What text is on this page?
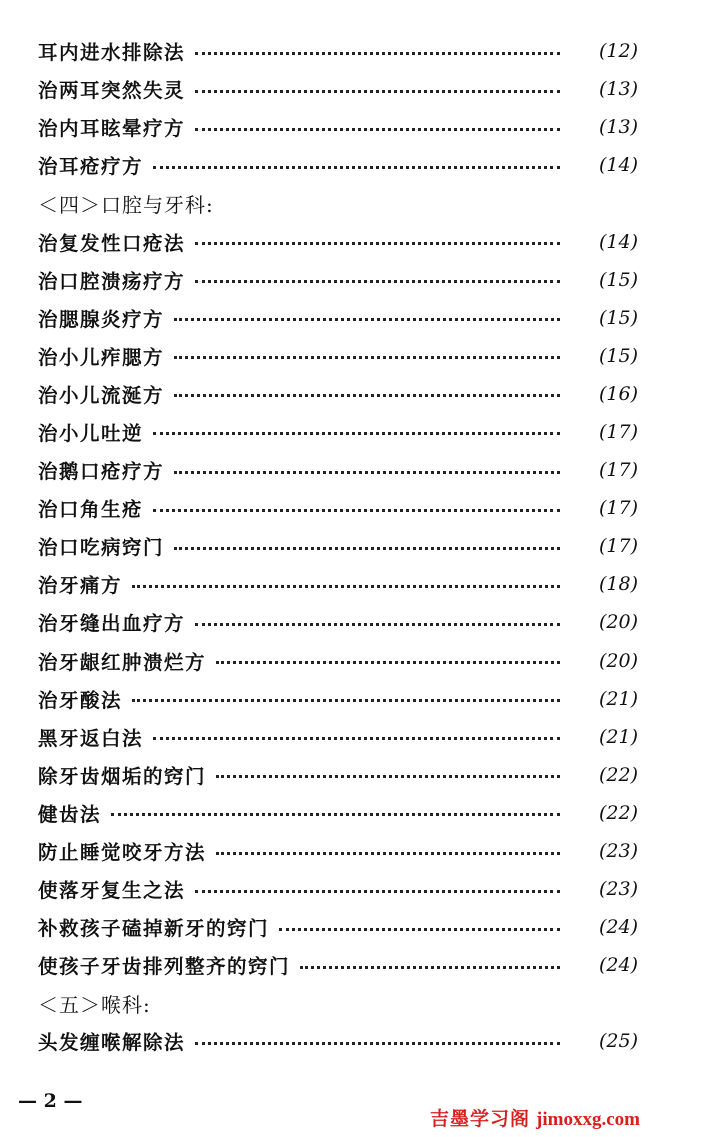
耳内进水排除法	(12)
治两耳突然失灵	(13)
治内耳眩晕疗方	(13)
治耳疮疗方	(14)
＜四＞口腔与牙科:
治复发性口疮法	(14)
治口腔溃疡疗方	(15)
治腮腺炎疗方	(15)
治小儿痄腮方	(15)
治小儿流涎方	(16)
治小儿吐逆	(17)
治鹅口疮疗方	(17)
治口角生疮	(17)
治口吃病窍门	(17)
治牙痛方	(18)
治牙缝出血疗方	(20)
治牙龈红肿溃烂方	(20)
治牙酸法	(21)
黑牙返白法	(21)
除牙齿烟垢的窍门	(22)
健齿法	(22)
防止睡觉咬牙方法	(23)
使落牙复生之法	(23)
补救孩子磕掉新牙的窍门	(24)
使孩子牙齿排列整齐的窍门	(24)
＜五＞喉科:
头发缠喉解除法	(25)
— 2 —
吉墨学习阁 jimoxxg.com
